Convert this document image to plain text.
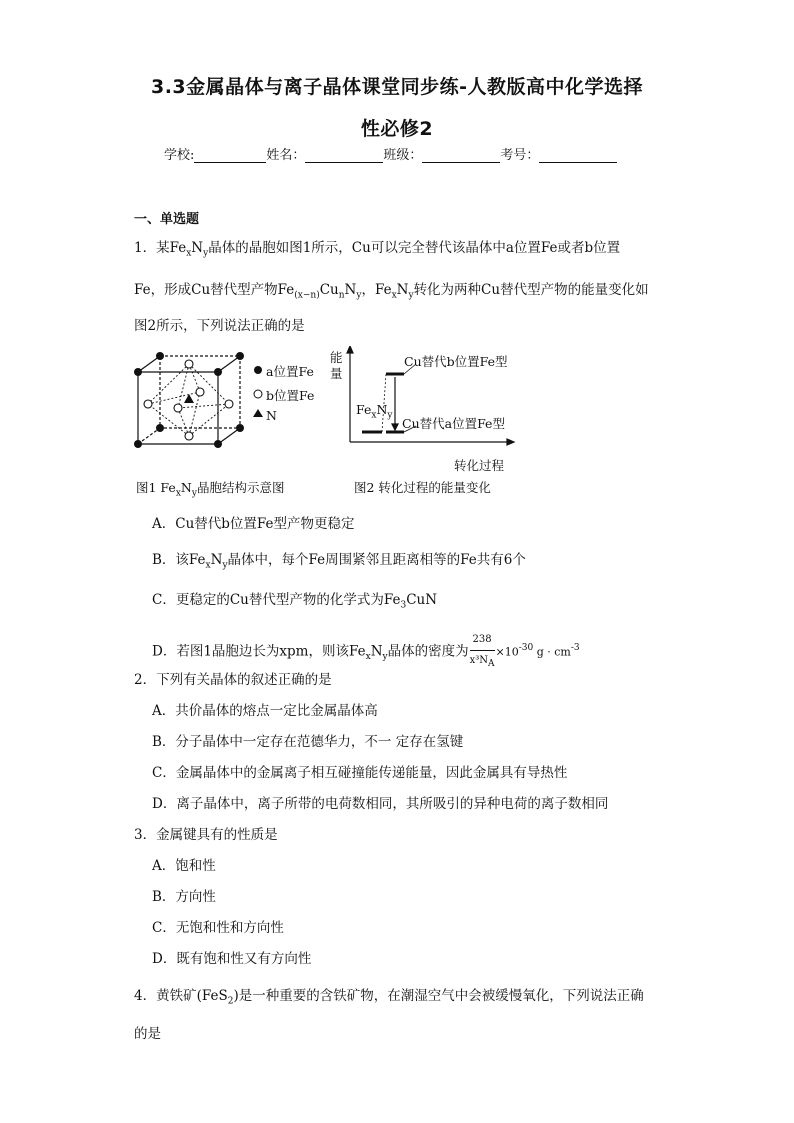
3.3金属晶体与离子晶体课堂同步练-人教版高中化学选择
性必修2
学校:	姓名：	班级：	考号：
一、单选题
1．某$Fe_xN_y$晶体的晶胞如图1所示，Cu可以完全替代该晶体中a位置Fe或者b位置
Fe，形成Cu替代型产物$Fe_{(x-n)}Cu_nN_y$，$Fe_xN_y$转化为两种Cu替代型产物的能量变化如
图2所示，下列说法正确的是
a位置Fe
b位置Fe
N
图1 $Fe_xN_y$晶胞结构示意图
能
量
Cu替代b位置Fe型
Cu替代a位置Fe型
$Fe_xN_y$
转化过程
图2 转化过程的能量变化
A．Cu替代b位置Fe型产物更稳定
B．该$Fe_xN_y$晶体中，每个Fe周围紧邻且距离相等的Fe共有6个
C．更稳定的Cu替代型产物的化学式为$Fe_3CuN$
D．若图1晶胞边长为xpm，则该$Fe_xN_y$晶体的密度为 $\frac{238}{x^3N_A} \times 10^{-30}$ $g \cdot cm^{-3}$
2．下列有关晶体的叙述正确的是
A．共价晶体的熔点一定比金属晶体高
B．分子晶体中一定存在范德华力，不一 定存在氢键
C．金属晶体中的金属离子相互碰撞能传递能量，因此金属具有导热性
D．离子晶体中，离子所带的电荷数相同，其所吸引的异种电荷的离子数相同
3．金属键具有的性质是
A．饱和性
B．方向性
C．无饱和性和方向性
D．既有饱和性又有方向性
4．黄铁矿(FeS$_2$)是一种重要的含铁矿物，在潮湿空气中会被缓慢氧化，下列说法正确
的是
